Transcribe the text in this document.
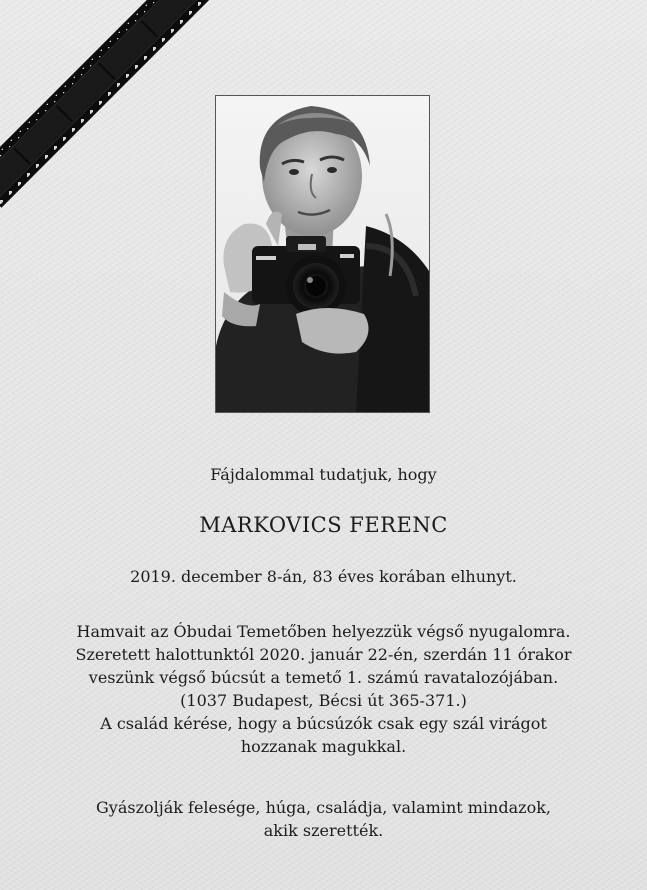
Fájdalommal tudatjuk, hogy

MARKOVICS FERENC

2019. december 8-án, 83 éves korában elhunyt.

Hamvait az Óbudai Temetőben helyezzük végső nyugalomra.
Szeretett halottunktól 2020. január 22-én, szerdán 11 órakor
veszünk végső búcsút a temető 1. számú ravatalozójában.
(1037 Budapest, Bécsi út 365-371.)
A család kérése, hogy a búcsúzók csak egy szál virágot
hozzanak magukkal.
Gyászolják felesége, húga, családja, valamint mindazok,
akik szerették.
